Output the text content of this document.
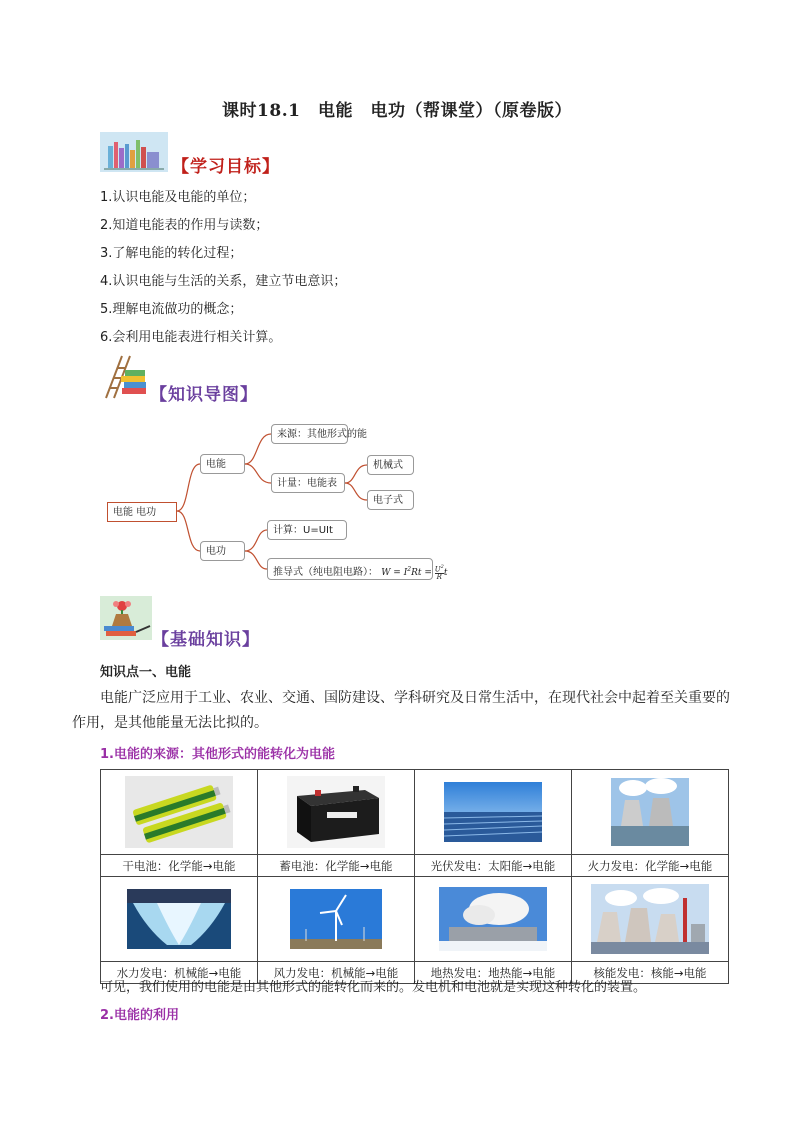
课时18.1　电能　电功（帮课堂）（原卷版）
【学习目标】
1.认识电能及电能的单位；
2.知道电能表的作用与读数；
3.了解电能的转化过程；
4.认识电能与生活的关系，建立节电意识；
5.理解电流做功的概念；
6.会利用电能表进行相关计算。
【知识导图】
电能 电功
电能
来源：其他形式的能
计量：电能表
机械式
电子式
电功
计算：U=UIt
推导式（纯电阻电路）： $W = I^2Rt = \frac{U^2}{R}$ t
【基础知识】
知识点一、电能
电能广泛应用于工业、农业、交通、国防建设、学科研究及日常生活中，在现代社会中起着至关重要的作用，是其他能量无法比拟的。
1.电能的来源：其他形式的能转化为电能

干电池：化学能→电能	蓄电池：化学能→电能	光伏发电：太阳能→电能	火力发电：化学能→电能

水力发电：机械能→电能	风力发电：机械能→电能	地热发电：地热能→电能	核能发电：核能→电能
可见，我们使用的电能是由其他形式的能转化而来的。发电机和电池就是实现这种转化的装置。
2.电能的利用
